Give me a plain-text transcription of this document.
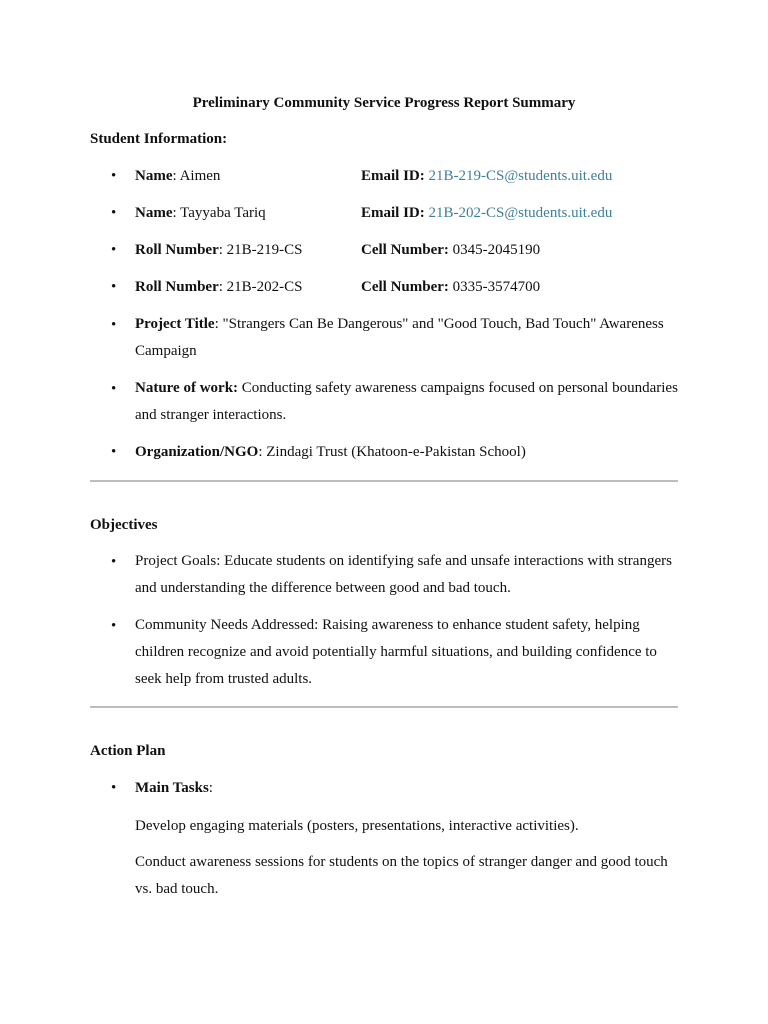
Preliminary Community Service Progress Report Summary
Student Information:
•	Name: Aimen	Email ID: 21B-219-CS@students.uit.edu
•	Name: Tayyaba Tariq	Email ID: 21B-202-CS@students.uit.edu
•	Roll Number: 21B-219-CS	Cell Number: 0345-2045190
•	Roll Number: 21B-202-CS	Cell Number: 0335-3574700
•	Project Title: "Strangers Can Be Dangerous" and "Good Touch, Bad Touch" Awareness Campaign
•	Nature of work: Conducting safety awareness campaigns focused on personal boundaries and stranger interactions.
•	Organization/NGO: Zindagi Trust (Khatoon-e-Pakistan School)
Objectives
•	Project Goals: Educate students on identifying safe and unsafe interactions with strangers and understanding the difference between good and bad touch.
•	Community Needs Addressed: Raising awareness to enhance student safety, helping children recognize and avoid potentially harmful situations, and building confidence to seek help from trusted adults.
Action Plan
•	Main Tasks:
Develop engaging materials (posters, presentations, interactive activities).
Conduct awareness sessions for students on the topics of stranger danger and good touch vs. bad touch.
